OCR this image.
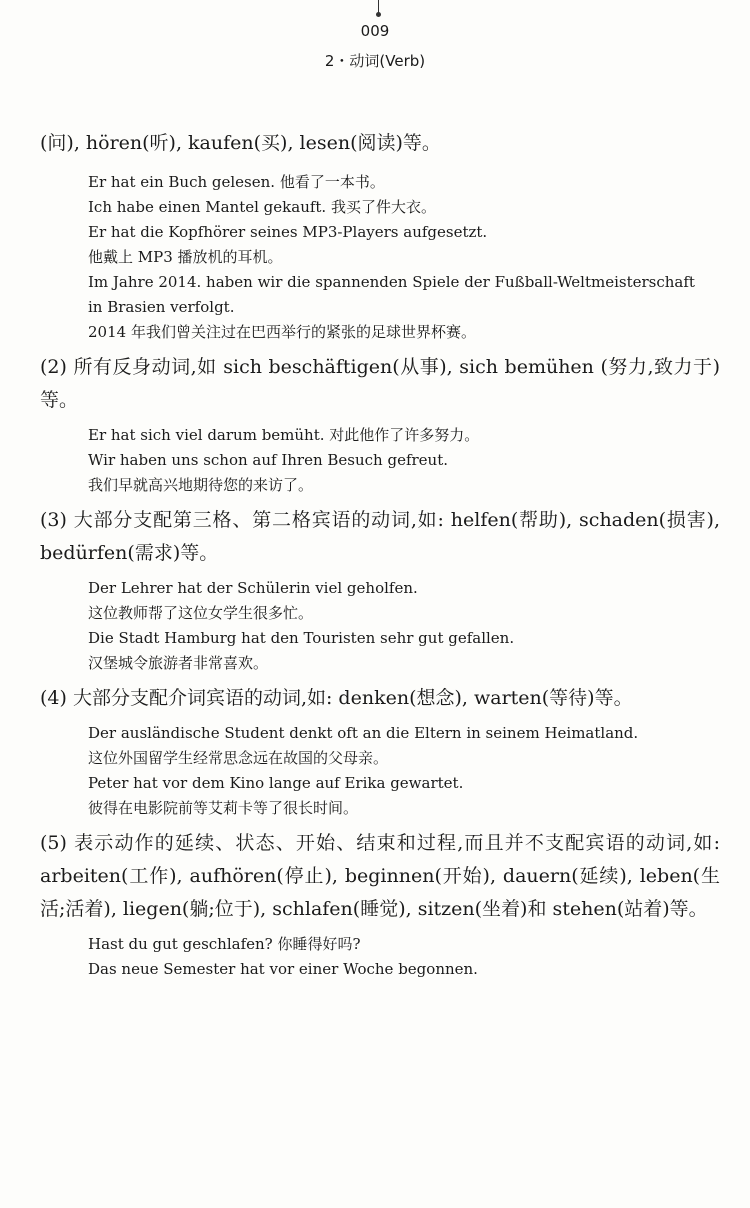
009
2・动词(Verb)

(问), hören(听), kaufen(买), lesen(阅读)等。

Er hat ein Buch gelesen. 他看了一本书。
Ich habe einen Mantel gekauft. 我买了件大衣。
Er hat die Kopfhörer seines MP3-Players aufgesetzt.
他戴上 MP3 播放机的耳机。
Im Jahre 2014. haben wir die spannenden Spiele der Fußball-Weltmeisterschaft
in Brasien verfolgt.
2014 年我们曾关注过在巴西举行的紧张的足球世界杯赛。

(2) 所有反身动词,如 sich beschäftigen(从事), sich bemühen (努力,致力于)等。

Er hat sich viel darum bemüht. 对此他作了许多努力。
Wir haben uns schon auf Ihren Besuch gefreut.
我们早就高兴地期待您的来访了。

(3) 大部分支配第三格、第二格宾语的动词,如: helfen(帮助), schaden(损害), bedürfen(需求)等。

Der Lehrer hat der Schülerin viel geholfen.
这位教师帮了这位女学生很多忙。
Die Stadt Hamburg hat den Touristen sehr gut gefallen.
汉堡城令旅游者非常喜欢。

(4) 大部分支配介词宾语的动词,如: denken(想念), warten(等待)等。

Der ausländische Student denkt oft an die Eltern in seinem Heimatland.
这位外国留学生经常思念远在故国的父母亲。
Peter hat vor dem Kino lange auf Erika gewartet.
彼得在电影院前等艾莉卡等了很长时间。

(5) 表示动作的延续、状态、开始、结束和过程,而且并不支配宾语的动词,如: arbeiten(工作), aufhören(停止), beginnen(开始), dauern(延续), leben(生活;活着), liegen(躺;位于), schlafen(睡觉), sitzen(坐着)和 stehen(站着)等。

Hast du gut geschlafen? 你睡得好吗?
Das neue Semester hat vor einer Woche begonnen.
